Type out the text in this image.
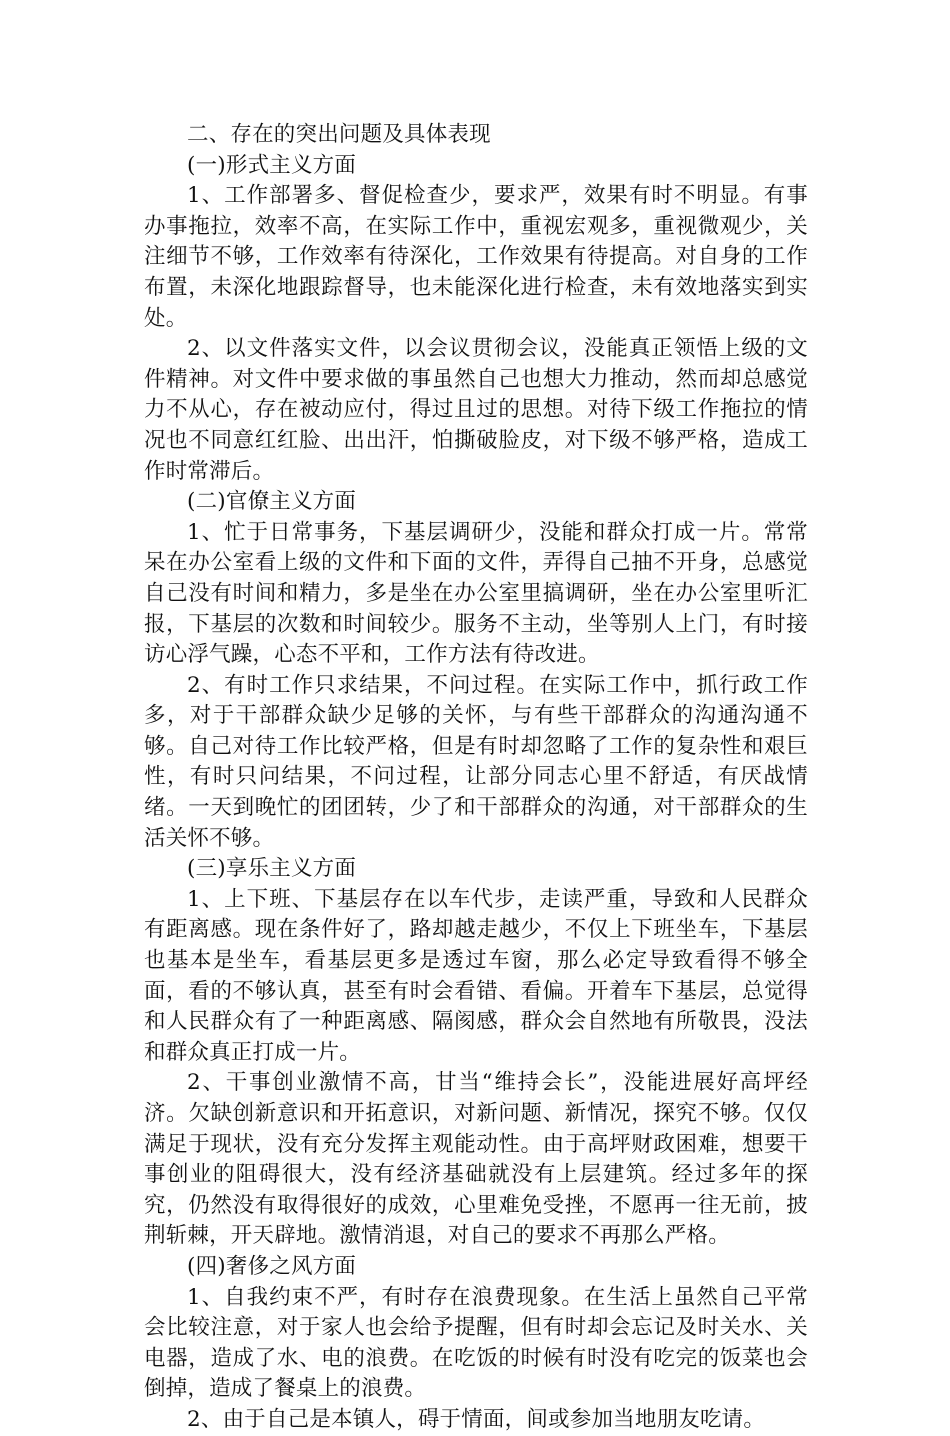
二、存在的突出问题及具体表现

(一)形式主义方面

1、工作部署多、督促检查少，要求严，效果有时不明显。有事办事拖拉，效率不高，在实际工作中，重视宏观多，重视微观少，关注细节不够，工作效率有待深化，工作效果有待提高。对自身的工作布置，未深化地跟踪督导，也未能深化进行检查，未有效地落实到实处。

2、以文件落实文件，以会议贯彻会议，没能真正领悟上级的文件精神。对文件中要求做的事虽然自己也想大力推动，然而却总感觉力不从心，存在被动应付，得过且过的思想。对待下级工作拖拉的情况也不同意红红脸、出出汗，怕撕破脸皮，对下级不够严格，造成工作时常滞后。

(二)官僚主义方面

1、忙于日常事务，下基层调研少，没能和群众打成一片。常常呆在办公室看上级的文件和下面的文件，弄得自己抽不开身，总感觉自己没有时间和精力，多是坐在办公室里搞调研，坐在办公室里听汇报，下基层的次数和时间较少。服务不主动，坐等别人上门，有时接访心浮气躁，心态不平和，工作方法有待改进。

2、有时工作只求结果，不问过程。在实际工作中，抓行政工作多，对于干部群众缺少足够的关怀，与有些干部群众的沟通沟通不够。自己对待工作比较严格，但是有时却忽略了工作的复杂性和艰巨性，有时只问结果，不问过程，让部分同志心里不舒适，有厌战情绪。一天到晚忙的团团转，少了和干部群众的沟通，对干部群众的生活关怀不够。

(三)享乐主义方面

1、上下班、下基层存在以车代步，走读严重，导致和人民群众有距离感。现在条件好了，路却越走越少，不仅上下班坐车，下基层也基本是坐车，看基层更多是透过车窗，那么必定导致看得不够全面，看的不够认真，甚至有时会看错、看偏。开着车下基层，总觉得和人民群众有了一种距离感、隔阂感，群众会自然地有所敬畏，没法和群众真正打成一片。

2、干事创业激情不高，甘当“维持会长”，没能进展好高坪经济。欠缺创新意识和开拓意识，对新问题、新情况，探究不够。仅仅满足于现状，没有充分发挥主观能动性。由于高坪财政困难，想要干事创业的阻碍很大，没有经济基础就没有上层建筑。经过多年的探究，仍然没有取得很好的成效，心里难免受挫，不愿再一往无前，披荆斩棘，开天辟地。激情消退，对自己的要求不再那么严格。

(四)奢侈之风方面

1、自我约束不严，有时存在浪费现象。在生活上虽然自己平常会比较注意，对于家人也会给予提醒，但有时却会忘记及时关水、关电器，造成了水、电的浪费。在吃饭的时候有时没有吃完的饭菜也会倒掉，造成了餐桌上的浪费。

2、由于自己是本镇人，碍于情面，间或参加当地朋友吃请。
